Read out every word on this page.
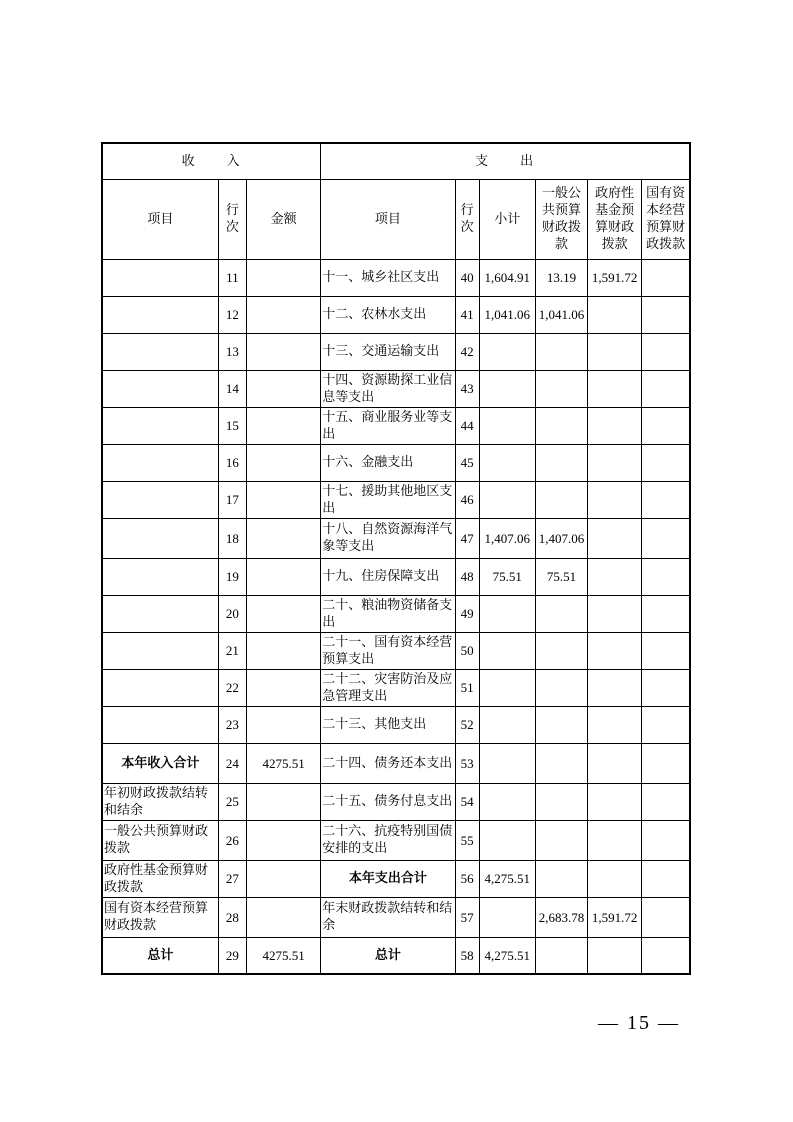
收　　入			支　　出					
项目	行次	金额	项目	行次	小计	一般公共预算财政拨款	政府性基金预算财政拨款	国有资本经营预算财政拨款
	11		十一、城乡社区支出	40	1,604.91	13.19	1,591.72	
	12		十二、农林水支出	41	1,041.06	1,041.06		
	13		十三、交通运输支出	42				
	14		十四、资源勘探工业信息等支出	43				
	15		十五、商业服务业等支出	44				
	16		十六、金融支出	45				
	17		十七、援助其他地区支出	46				
	18		十八、自然资源海洋气象等支出	47	1,407.06	1,407.06		
	19		十九、住房保障支出	48	75.51	75.51		
	20		二十、粮油物资储备支出	49				
	21		二十一、国有资本经营预算支出	50				
	22		二十二、灾害防治及应急管理支出	51				
	23		二十三、其他支出	52				
本年收入合计	24	4275.51	二十四、债务还本支出	53				
年初财政拨款结转和结余	25		二十五、债务付息支出	54				
一般公共预算财政拨款	26		二十六、抗疫特别国债安排的支出	55				
政府性基金预算财政拨款	27		本年支出合计	56	4,275.51			
国有资本经营预算财政拨款	28		年末财政拨款结转和结余	57		2,683.78	1,591.72	
总计	29	4275.51	总计	58	4,275.51			
— 15 —
